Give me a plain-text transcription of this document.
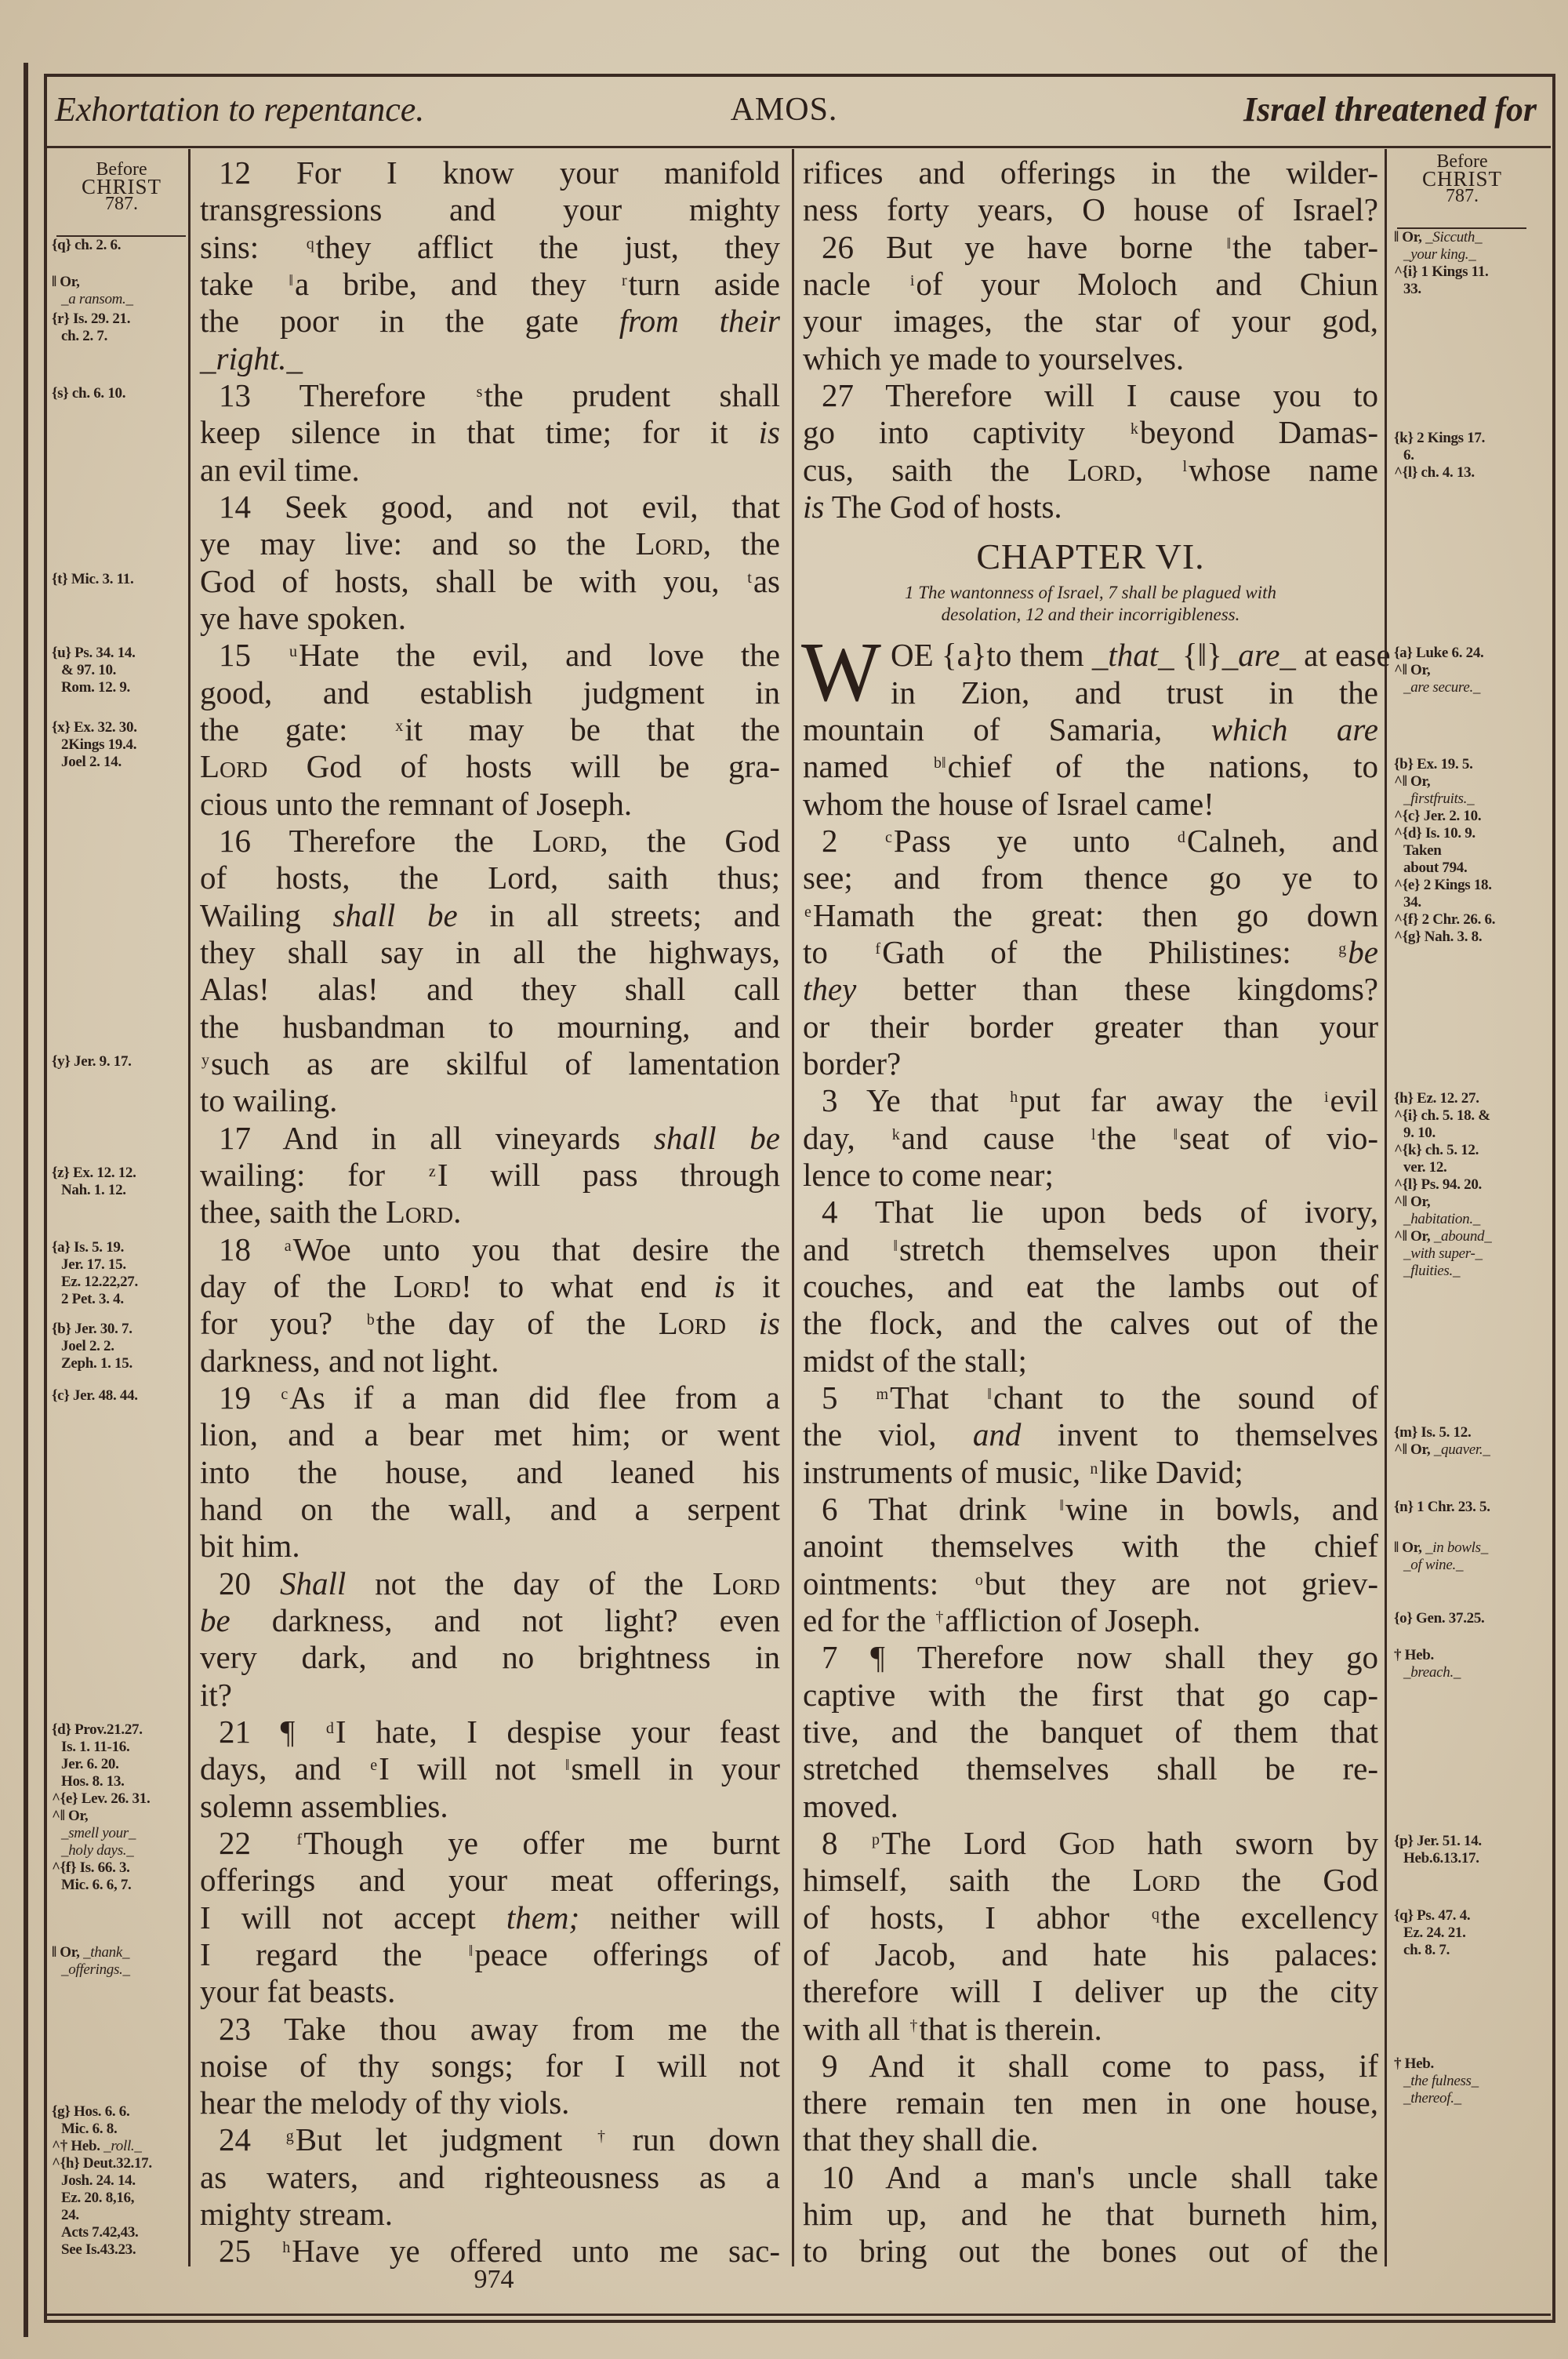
AMOS.
Exhortation to repentance.	Israel threatened for
Before
CHRIST
787.
Before
CHRIST
787.
12 For I know your manifold
transgressions and your mighty
sins: $^q$they afflict the just, they
take ‖a bribe, and they $^r$turn aside
the poor in the gate from their
_right._
13 Therefore $^s$the prudent shall
keep silence in that time; for it is
an evil time.
14 Seek good, and not evil, that
ye may live: and so the Lord, the
God of hosts, shall be with you, $^t$as
ye have spoken.
15 $^u$Hate the evil, and love the
good, and establish judgment in
the gate: $^x$it may be that the
Lord God of hosts will be gra-
cious unto the remnant of Joseph.
16 Therefore the Lord, the God
of hosts, the Lord, saith thus;
Wailing shall be in all streets; and
they shall say in all the highways,
Alas! alas! and they shall call
the husbandman to mourning, and
$^y$such as are skilful of lamentation
to wailing.
17 And in all vineyards shall be
wailing: for $^z$I will pass through
thee, saith the Lord.
18 $^a$Woe unto you that desire the
day of the Lord! to what end is it
for you? $^b$the day of the Lord is
darkness, and not light.
19 $^c$As if a man did flee from a
lion, and a bear met him; or went
into the house, and leaned his
hand on the wall, and a serpent
bit him.
20 Shall not the day of the Lord
be darkness, and not light? even
very dark, and no brightness in
it?
21 ¶ $^d$I hate, I despise your feast
days, and $^e$I will not ‖smell in your
solemn assemblies.
22 $^f$Though ye offer me burnt
offerings and your meat offerings,
I will not accept them; neither will
I regard the ‖peace offerings of
your fat beasts.
23 Take thou away from me the
noise of thy songs; for I will not
hear the melody of thy viols.
24 $^g$But let judgment †run down
as waters, and righteousness as a
mighty stream.
25 $^h$Have ye offered unto me sac-
rifices and offerings in the wilder-
ness forty years, O house of Israel?
26 But ye have borne ‖the taber-
nacle $^i$of your Moloch and Chiun
your images, the star of your god,
which ye made to yourselves.
27 Therefore will I cause you to
go into captivity $^k$beyond Damas-
cus, saith the Lord, $^l$whose name
is The God of hosts.
OE {a}to them _that_ {‖}_are_ at ease
in Zion, and trust in the
mountain of Samaria, which are
named $^{b‖}$chief of the nations, to
whom the house of Israel came!
2 $^c$Pass ye unto $^d$Calneh, and
see; and from thence go ye to
$^e$Hamath the great: then go down
to $^f$Gath of the Philistines: $^g$be
they better than these kingdoms?
or their border greater than your
border?
3 Ye that $^h$put far away the $^i$evil
day, $^k$and cause $^l$the ‖seat of vio-
lence to come near;
4 That lie upon beds of ivory,
and ‖stretch themselves upon their
couches, and eat the lambs out of
the flock, and the calves out of the
midst of the stall;
5 $^m$That ‖chant to the sound of
the viol, and invent to themselves
instruments of music, $^n$like David;
6 That drink ‖wine in bowls, and
anoint themselves with the chief
ointments: $^o$but they are not griev-
ed for the †affliction of Joseph.
7 ¶ Therefore now shall they go
captive with the first that go cap-
tive, and the banquet of them that
stretched themselves shall be re-
moved.
8 $^p$The Lord God hath sworn by
himself, saith the Lord the God
of hosts, I abhor $^q$the excellency
of Jacob, and hate his palaces:
therefore will I deliver up the city
with all †that is therein.
9 And it shall come to pass, if
there remain ten men in one house,
that they shall die.
10 And a man's uncle shall take
him up, and he that burneth him,
to bring out the bones out of the
{q} ch. 2. 6.
‖ Or,
_a ransom._
{r} Is. 29. 21.
ch. 2. 7.
{s} ch. 6. 10.
{t} Mic. 3. 11.
{u} Ps. 34. 14.
& 97. 10.
Rom. 12. 9.
{x} Ex. 32. 30.
2Kings 19.4.
Joel 2. 14.
{y} Jer. 9. 17.
{z} Ex. 12. 12.
Nah. 1. 12.
{a} Is. 5. 19.
Jer. 17. 15.
Ez. 12.22,27.
2 Pet. 3. 4.
{b} Jer. 30. 7.
Joel 2. 2.
Zeph. 1. 15.
{c} Jer. 48. 44.
{d} Prov.21.27.
Is. 1. 11-16.
Jer. 6. 20.
Hos. 8. 13.
^{e} Lev. 26. 31.
^‖ Or,
_smell your_
_holy days._
^{f} Is. 66. 3.
Mic. 6. 6, 7.
‖ Or, _thank_
_offerings._
{g} Hos. 6. 6.
Mic. 6. 8.
^† Heb. _roll._
^{h} Deut.32.17.
Josh. 24. 14.
Ez. 20. 8,16,
24.
Acts 7.42,43.
See Is.43.23.
‖ Or, _Siccuth_
_your king._
^{i} 1 Kings 11.
33.
{k} 2 Kings 17.
6.
^{l} ch. 4. 13.
{a} Luke 6. 24.
^‖ Or,
_are secure._
{b} Ex. 19. 5.
^‖ Or,
_firstfruits._
^{c} Jer. 2. 10.
^{d} Is. 10. 9.
Taken
about 794.
^{e} 2 Kings 18.
34.
^{f} 2 Chr. 26. 6.
^{g} Nah. 3. 8.
{h} Ez. 12. 27.
^{i} ch. 5. 18. &
9. 10.
^{k} ch. 5. 12.
ver. 12.
^{l} Ps. 94. 20.
^‖ Or,
_habitation._
^‖ Or, _abound_
_with super-_
_fluities._
{m} Is. 5. 12.
^‖ Or, _quaver._
{n} 1 Chr. 23. 5.
‖ Or, _in bowls_
_of wine._
{o} Gen. 37.25.
† Heb.
_breach._
{p} Jer. 51. 14.
Heb.6.13.17.
{q} Ps. 47. 4.
Ez. 24. 21.
ch. 8. 7.
† Heb.
_the fulness_
_thereof._
CHAPTER VI.
1 The wantonness of Israel, 7 shall be plagued with
desolation, 12 and their incorrigibleness.
W
974
